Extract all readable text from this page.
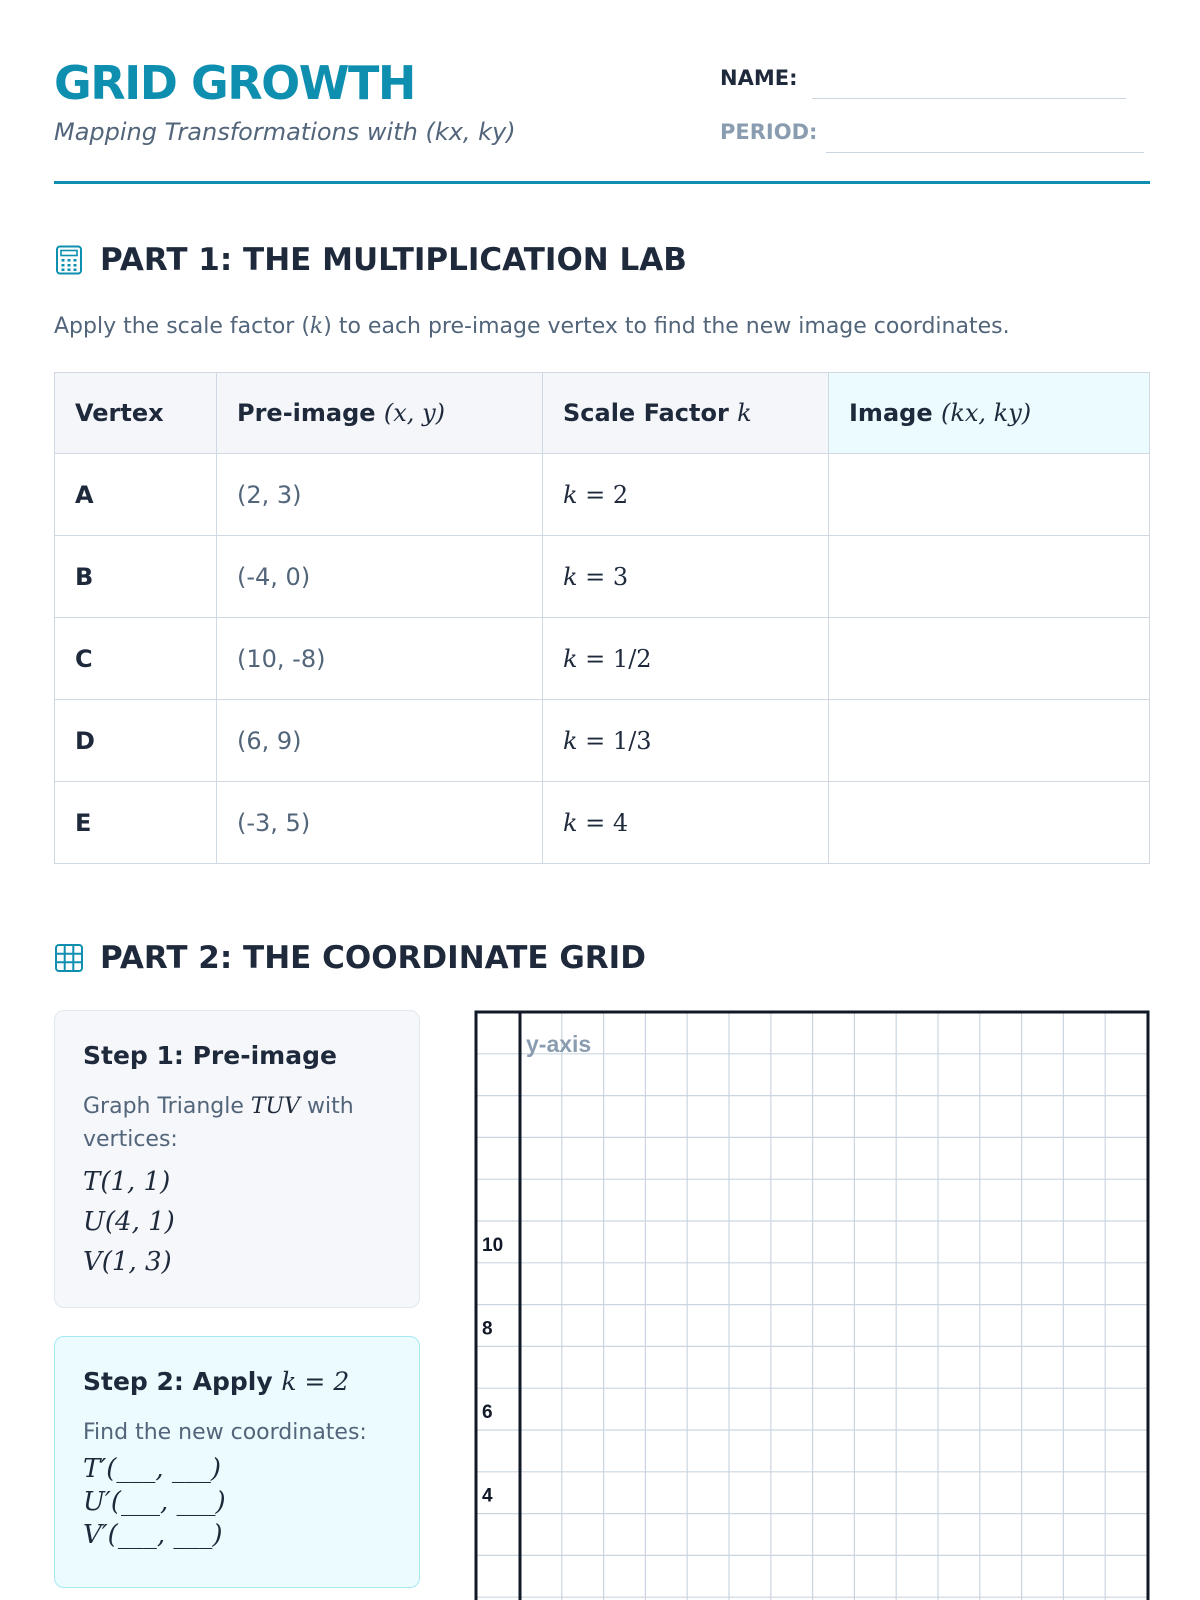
GRID GROWTH
Mapping Transformations with (kx, ky)
NAME:
PERIOD:
PART 1: THE MULTIPLICATION LAB
Apply the scale factor (k) to each pre-image vertex to find the new image coordinates.
Vertex	Pre-image (x, y)	Scale Factor k	Image (kx, ky)
A	(2, 3)	k = 2	
B	(-4, 0)	k = 3	
C	(10, -8)	k = 1/2	
D	(6, 9)	k = 1/3	
E	(-3, 5)	k = 4	
PART 2: THE COORDINATE GRID
Step 1: Pre-image
Graph Triangle TUV with vertices:
T(1, 1)
U(4, 1)
V(1, 3)
Step 2: Apply k = 2
Find the new coordinates:
T′(___, ___)
U′(___, ___)
V′(___, ___)
y-axis
10
8
6
4
